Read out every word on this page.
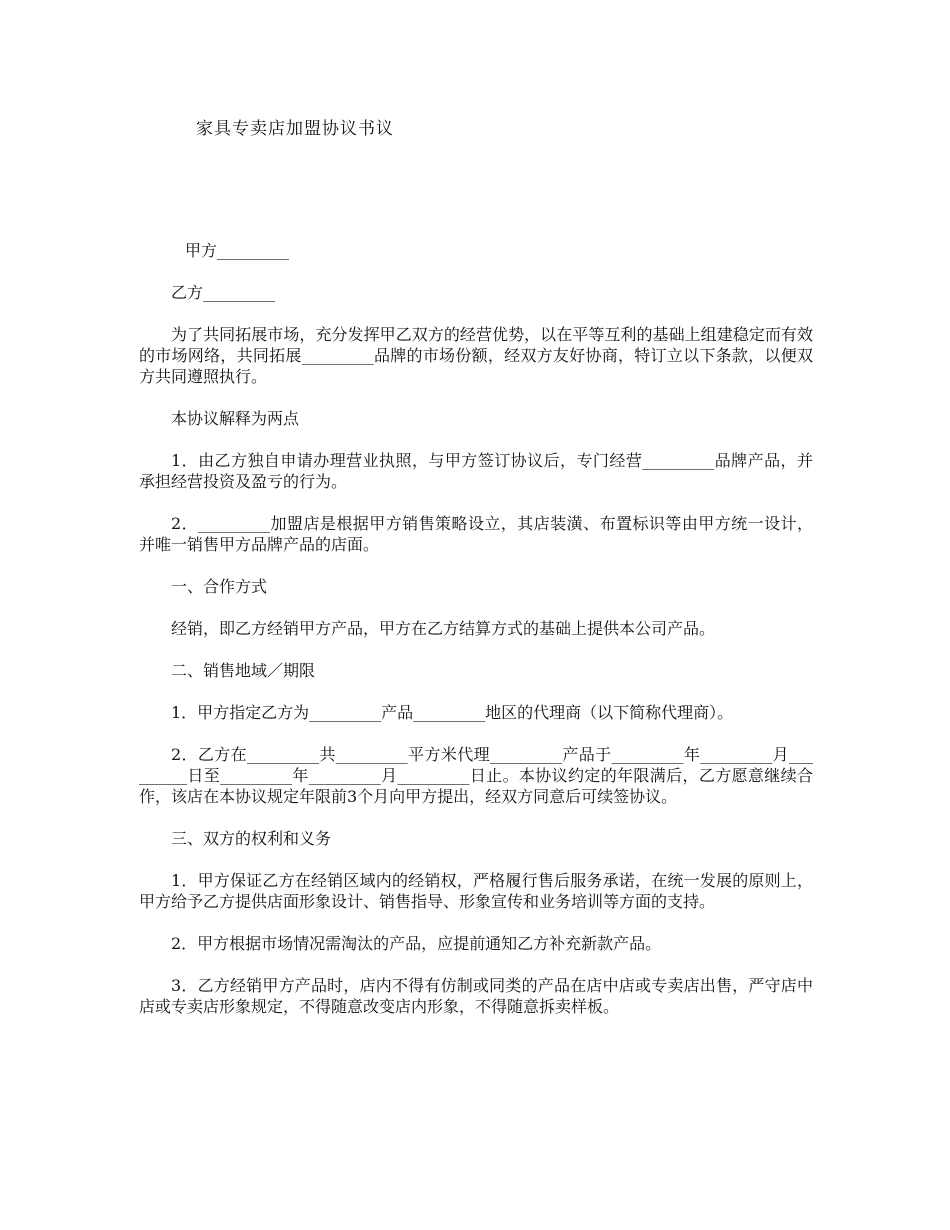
家具专卖店加盟协议书议

甲方_________

乙方_________

为了共同拓展市场，充分发挥甲乙双方的经营优势，以在平等互利的基础上组建稳定而有效的市场网络，共同拓展_________品牌的市场份额，经双方友好协商，特订立以下条款，以便双方共同遵照执行。

本协议解释为两点

1．由乙方独自申请办理营业执照，与甲方签订协议后，专门经营_________品牌产品，并承担经营投资及盈亏的行为。

2．_________加盟店是根据甲方销售策略设立，其店装潢、布置标识等由甲方统一设计，并唯一销售甲方品牌产品的店面。

一、合作方式

经销，即乙方经销甲方产品，甲方在乙方结算方式的基础上提供本公司产品。

二、销售地域／期限

1．甲方指定乙方为_________产品_________地区的代理商（以下简称代理商）。

2．乙方在_________共_________平方米代理_________产品于_________年_________月_________日至_________年_________月_________日止。本协议约定的年限满后，乙方愿意继续合作，该店在本协议规定年限前3个月向甲方提出，经双方同意后可续签协议。

三、双方的权利和义务

1．甲方保证乙方在经销区域内的经销权，严格履行售后服务承诺，在统一发展的原则上，甲方给予乙方提供店面形象设计、销售指导、形象宣传和业务培训等方面的支持。

2．甲方根据市场情况需淘汰的产品，应提前通知乙方补充新款产品。

3．乙方经销甲方产品时，店内不得有仿制或同类的产品在店中店或专卖店出售，严守店中店或专卖店形象规定，不得随意改变店内形象，不得随意拆卖样板。
